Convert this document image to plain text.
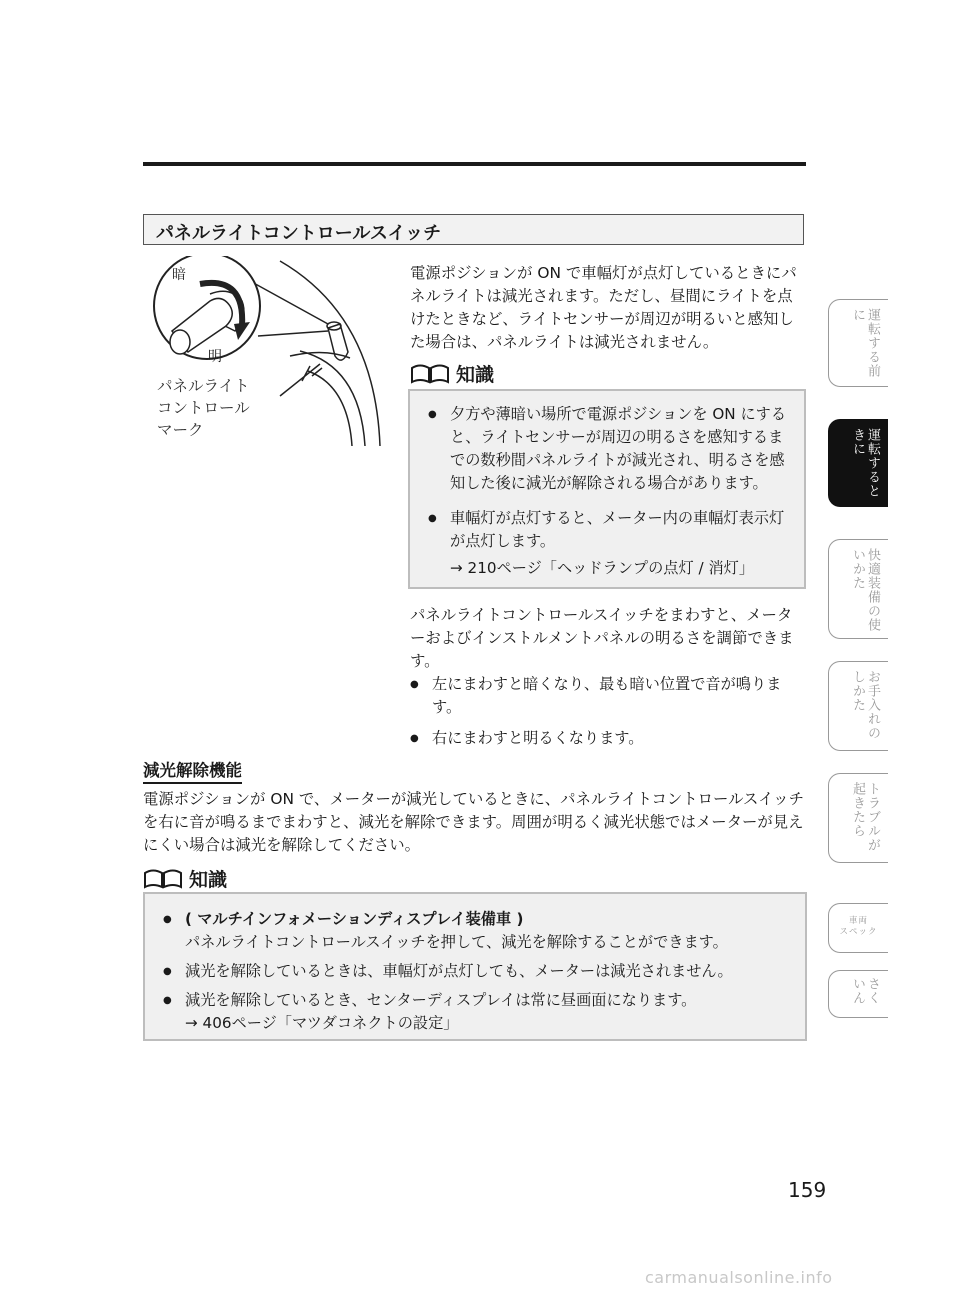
パネルライトコントロールスイッチ
暗
明
パネルライト
コントロール
マーク

電源ポジションが ON で車幅灯が点灯しているときにパネルライトは減光されます。ただし、昼間にライトを点けたときなど、ライトセンサーが周辺が明るいと感知した場合は、パネルライトは減光されません。

知識
● 夕方や薄暗い場所で電源ポジションを ON にすると、ライトセンサーが周辺の明るさを感知するまでの数秒間パネルライトが減光され、明るさを感知した後に減光が解除される場合があります。
● 車幅灯が点灯すると、メーター内の車幅灯表示灯が点灯します。
→ 210ページ「ヘッドランプの点灯 / 消灯」

パネルライトコントロールスイッチをまわすと、メーターおよびインストルメントパネルの明るさを調節できます。

● 左にまわすと暗くなり、最も暗い位置で音が鳴ります。
● 右にまわすと明るくなります。
減光解除機能

電源ポジションが ON で、メーターが減光しているときに、パネルライトコントロールスイッチを右に音が鳴るまでまわすと、減光を解除できます。周囲が明るく減光状態ではメーターが見えにくい場合は減光を解除してください。

知識
● ( マルチインフォメーションディスプレイ装備車 )
パネルライトコントロールスイッチを押して、減光を解除することができます。
● 減光を解除しているときは、車幅灯が点灯しても、メーターは減光されません。
● 減光を解除しているとき、センターディスプレイは常に昼画面になります。
→ 406ページ「マツダコネクトの設定」
運転する前に
運転するときに
快適装備の使いかた
お手入れのしかた
トラブルが起きたら
車両
スペック
さくいん
159
carmanualsonline.info
